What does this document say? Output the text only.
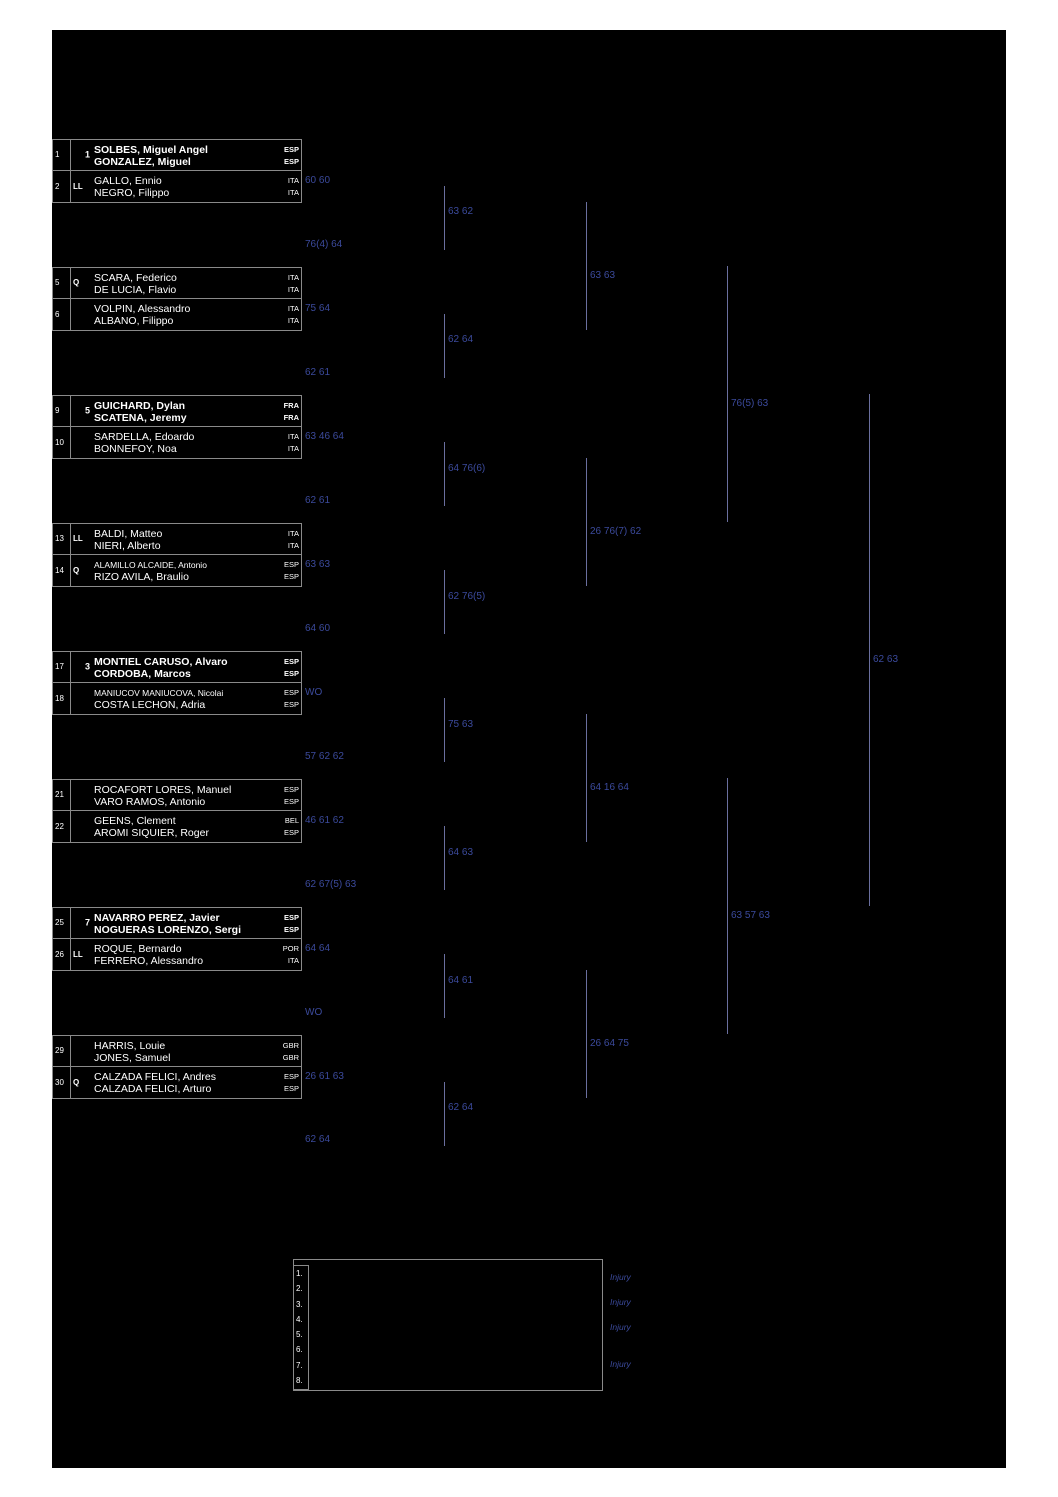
1	1
2 LL
SOLBES, Miguel Angel
GONZALEZ, Miguel
ESP
ESP
GALLO, Ennio
NEGRO, Filippo
ITA
ITA
5 Q
6
SCARA, Federico
DE LUCIA, Flavio
ITA
ITA
VOLPIN, Alessandro
ALBANO, Filippo
ITA
ITA
9	5
10
GUICHARD, Dylan
SCATENA, Jeremy
FRA
FRA
SARDELLA, Edoardo
BONNEFOY, Noa
ITA
ITA
13 LL
14 Q
BALDI, Matteo
NIERI, Alberto
ITA
ITA
ALAMILLO ALCAIDE, Antonio
RIZO AVILA, Braulio
ESP
ESP
17 3
18
MONTIEL CARUSO, Alvaro
CORDOBA, Marcos
ESP
ESP
MANIUCOV MANIUCOVA, Nicolai
COSTA LECHON, Adria
ESP
ESP
21
22
ROCAFORT LORES, Manuel
VARO RAMOS, Antonio
ESP
ESP
GEENS, Clement
AROMI SIQUIER, Roger
BEL
ESP
25 7
26 LL
NAVARRO PEREZ, Javier
NOGUERAS LORENZO, Sergi
ESP
ESP
ROQUE, Bernardo
FERRERO, Alessandro
POR
ITA
29
30 Q
HARRIS, Louie
JONES, Samuel
GBR
GBR
CALZADA FELICI, Andres
CALZADA FELICI, Arturo
ESP
ESP
60 60
76(4) 64
75 64
62 61
63 46 64
62 61
63 63
64 60
WO
57 62 62
46 61 62
62 67(5) 63
64 64
WO
26 61 63
62 64
63 62
62 64
64 76(6)
62 76(5)
75 63
64 63
64 61
62 64
63 63
26 76(7) 62
64 16 64
26 64 75
76(5) 63
63 57 63
62 63
1.
2.
3.
4.
5.
6.
7.
8.
Injury
Injury
Injury
Injury
